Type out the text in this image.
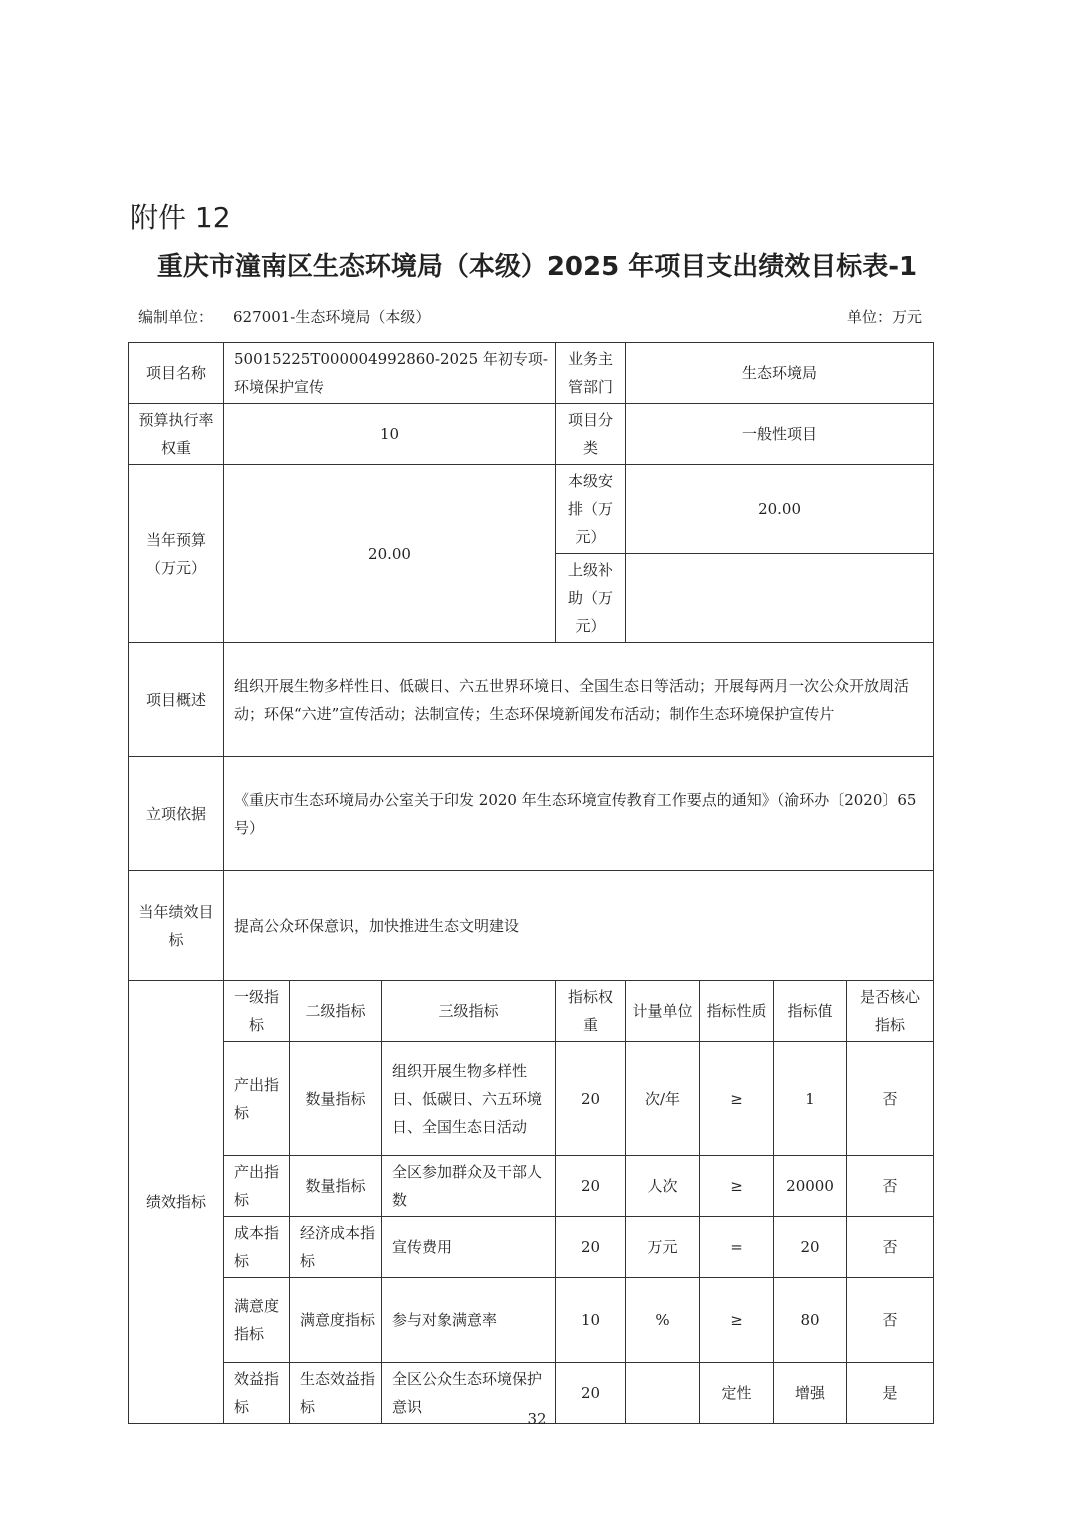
附件 12
重庆市潼南区生态环境局（本级）2025 年项目支出绩效目标表-1
编制单位： 627001-生态环境局（本级）	单位：万元
项目名称	50015225T000004992860-2025 年初专项-环境保护宣传			业务主管部门	生态环境局			
预算执行率权重	10			项目分类	一般性项目			
当年预算（万元）	20.00			本级安排（万元）	20.00			
				上级补助（万元）				
项目概述	组织开展生物多样性日、低碳日、六五世界环境日、全国生态日等活动；开展每两月一次公众开放周活动；环保“六进”宣传活动；法制宣传；生态环保境新闻发布活动；制作生态环境保护宣传片							
立项依据	《重庆市生态环境局办公室关于印发 2020 年生态环境宣传教育工作要点的通知》（渝环办〔2020〕65 号）							
当年绩效目标	提高公众环保意识，加快推进生态文明建设							
绩效指标	一级指标	二级指标	三级指标	指标权重	计量单位	指标性质	指标值	是否核心指标
	产出指标	数量指标	组织开展生物多样性日、低碳日、六五环境日、全国生态日活动	20	次/年	≥	1	否
	产出指标	数量指标	全区参加群众及干部人数	20	人次	≥	20000	否
	成本指标	经济成本指标	宣传费用	20	万元	=	20	否
	满意度指标	满意度指标	参与对象满意率	10	%	≥	80	否
	效益指标	生态效益指标	全区公众生态环境保护意识	20		定性	增强	是
32
